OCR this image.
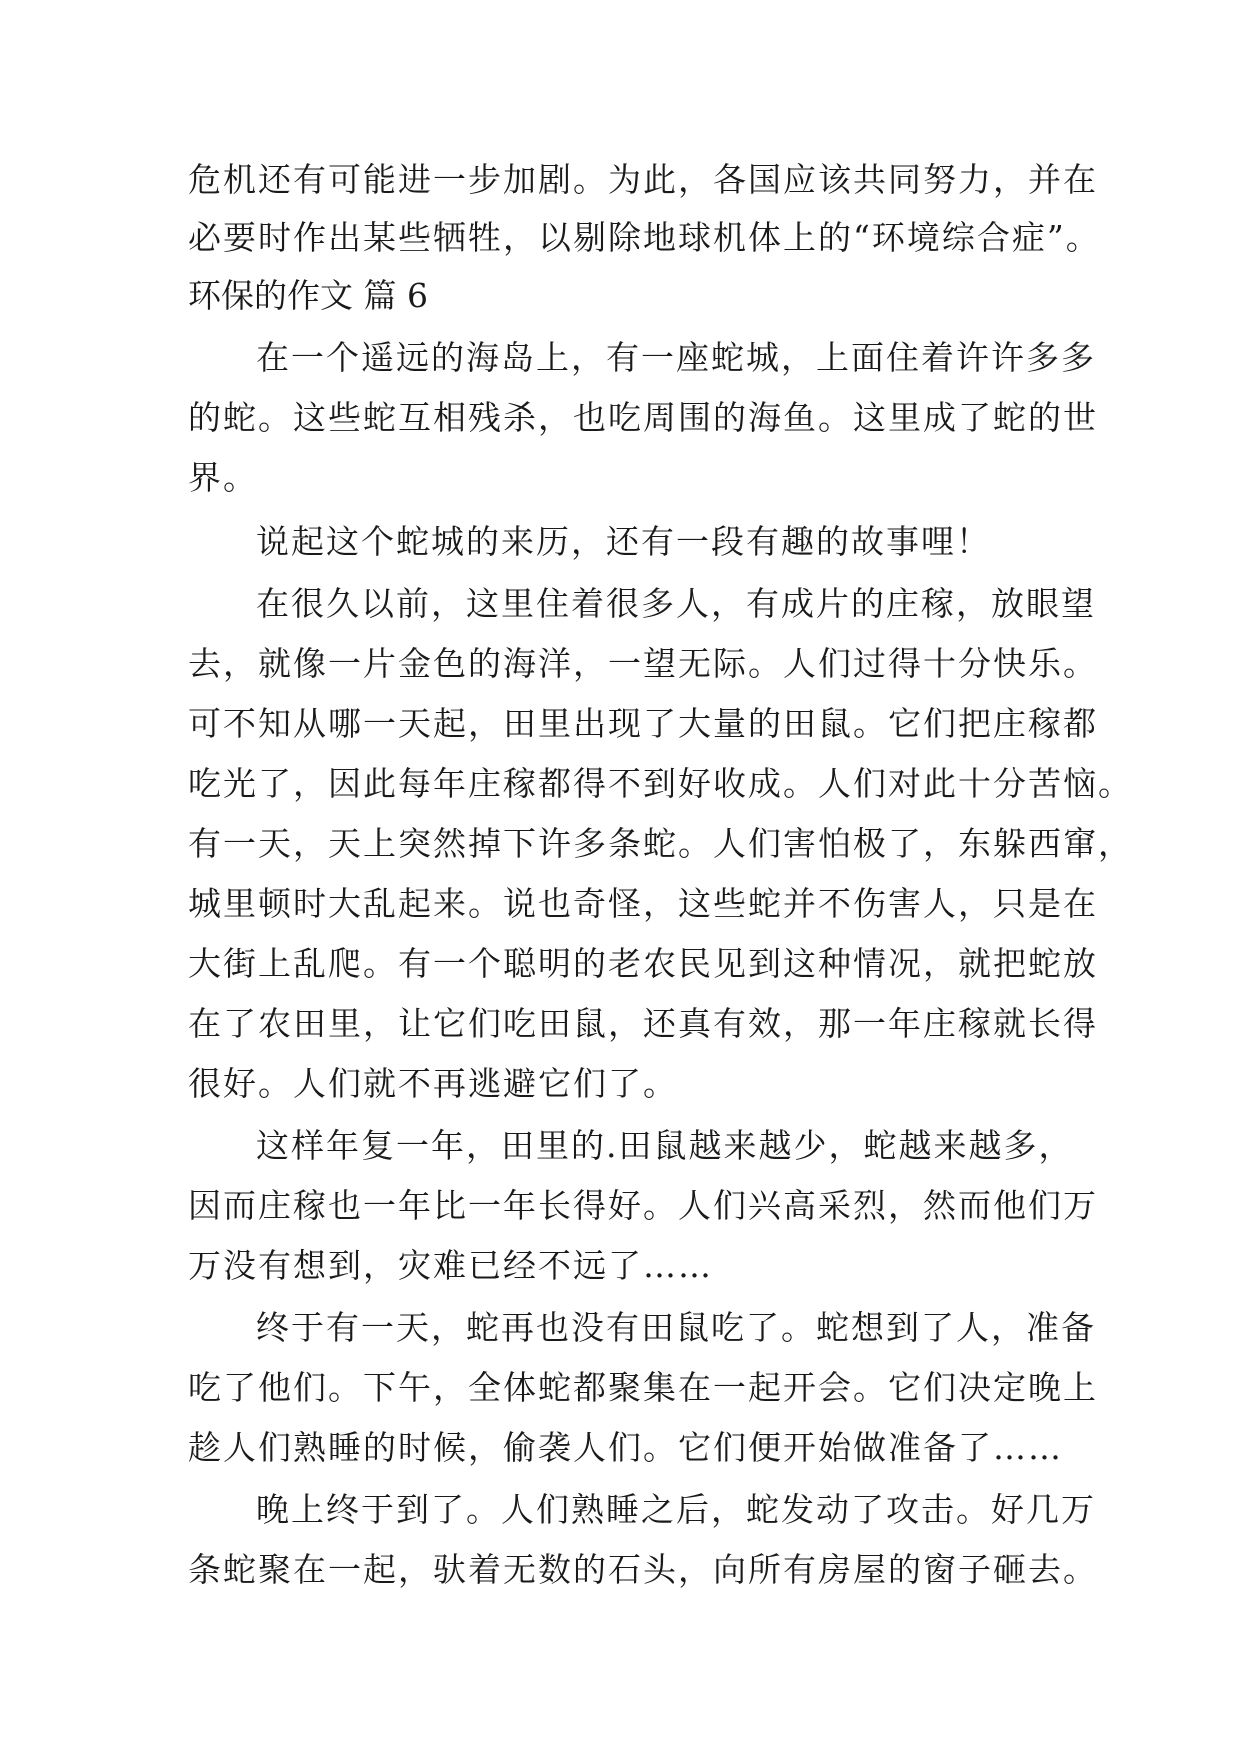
危机还有可能进一步加剧。为此，各国应该共同努力，并在
必要时作出某些牺牲，以剔除地球机体上的“环境综合症”。
环保的作文 篇 6
在一个遥远的海岛上，有一座蛇城，上面住着许许多多
的蛇。这些蛇互相残杀，也吃周围的海鱼。这里成了蛇的世
界。
说起这个蛇城的来历，还有一段有趣的故事哩！
在很久以前，这里住着很多人，有成片的庄稼，放眼望
去，就像一片金色的海洋，一望无际。人们过得十分快乐。
可不知从哪一天起，田里出现了大量的田鼠。它们把庄稼都
吃光了，因此每年庄稼都得不到好收成。人们对此十分苦恼。
有一天，天上突然掉下许多条蛇。人们害怕极了，东躲西窜，
城里顿时大乱起来。说也奇怪，这些蛇并不伤害人，只是在
大街上乱爬。有一个聪明的老农民见到这种情况，就把蛇放
在了农田里，让它们吃田鼠，还真有效，那一年庄稼就长得
很好。人们就不再逃避它们了。
这样年复一年，田里的.田鼠越来越少，蛇越来越多，
因而庄稼也一年比一年长得好。人们兴高采烈，然而他们万
万没有想到，灾难已经不远了……
终于有一天，蛇再也没有田鼠吃了。蛇想到了人，准备
吃了他们。下午，全体蛇都聚集在一起开会。它们决定晚上
趁人们熟睡的时候，偷袭人们。它们便开始做准备了……
晚上终于到了。人们熟睡之后，蛇发动了攻击。好几万
条蛇聚在一起，驮着无数的石头，向所有房屋的窗子砸去。
